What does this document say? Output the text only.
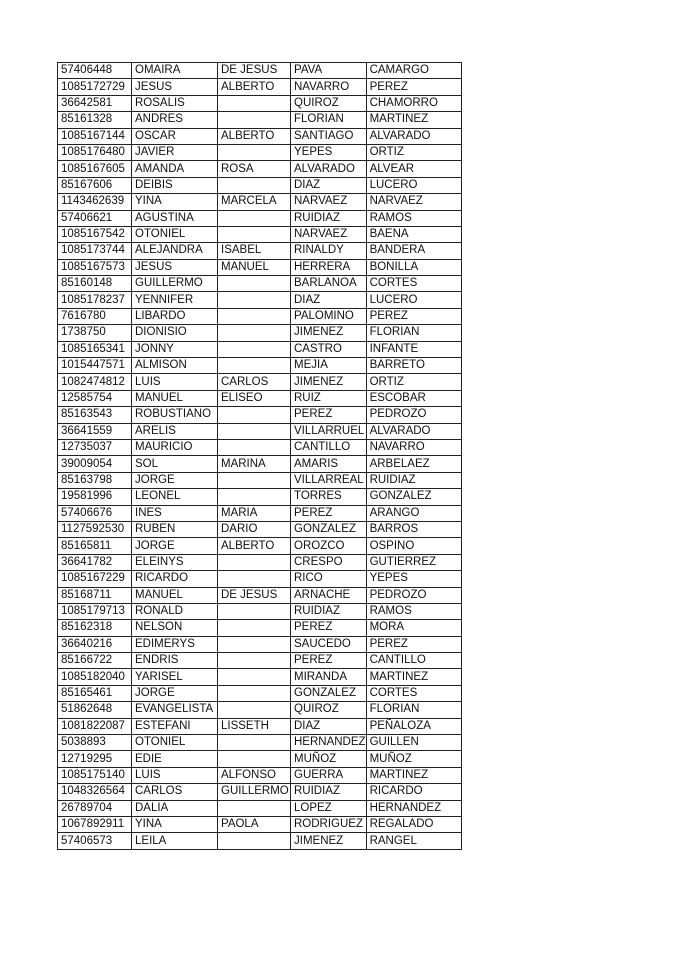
57406448	OMAIRA	DE JESUS	PAVA	CAMARGO
1085172729	JESUS	ALBERTO	NAVARRO	PEREZ
36642581	ROSALIS		QUIROZ	CHAMORRO
85161328	ANDRES		FLORIAN	MARTINEZ
1085167144	OSCAR	ALBERTO	SANTIAGO	ALVARADO
1085176480	JAVIER		YEPES	ORTIZ
1085167605	AMANDA	ROSA	ALVARADO	ALVEAR
85167606	DEIBIS		DIAZ	LUCERO
1143462639	YINA	MARCELA	NARVAEZ	NARVAEZ
57406621	AGUSTINA		RUIDIAZ	RAMOS
1085167542	OTONIEL		NARVAEZ	BAENA
1085173744	ALEJANDRA	ISABEL	RINALDY	BANDERA
1085167573	JESUS	MANUEL	HERRERA	BONILLA
85160148	GUILLERMO		BARLANOA	CORTES
1085178237	YENNIFER		DIAZ	LUCERO
7616780	LIBARDO		PALOMINO	PEREZ
1738750	DIONISIO		JIMENEZ	FLORIAN
1085165341	JONNY		CASTRO	INFANTE
1015447571	ALMISON		MEJIA	BARRETO
1082474812	LUIS	CARLOS	JIMENEZ	ORTIZ
12585754	MANUEL	ELISEO	RUIZ	ESCOBAR
85163543	ROBUSTIANO		PEREZ	PEDROZO
36641559	ARELIS		VILLARRUEL	ALVARADO
12735037	MAURICIO		CANTILLO	NAVARRO
39009054	SOL	MARINA	AMARIS	ARBELAEZ
85163798	JORGE		VILLARREAL	RUIDIAZ
19581996	LEONEL		TORRES	GONZALEZ
57406676	INES	MARIA	PEREZ	ARANGO
1127592530	RUBEN	DARIO	GONZALEZ	BARROS
85165811	JORGE	ALBERTO	OROZCO	OSPINO
36641782	ELEINYS		CRESPO	GUTIERREZ
1085167229	RICARDO		RICO	YEPES
85168711	MANUEL	DE JESUS	ARNACHE	PEDROZO
1085179713	RONALD		RUIDIAZ	RAMOS
85162318	NELSON		PEREZ	MORA
36640216	EDIMERYS		SAUCEDO	PEREZ
85166722	ENDRIS		PEREZ	CANTILLO
1085182040	YARISEL		MIRANDA	MARTINEZ
85165461	JORGE		GONZALEZ	CORTES
51862648	EVANGELISTA		QUIROZ	FLORIAN
1081822087	ESTEFANI	LISSETH	DIAZ	PEÑALOZA
5038893	OTONIEL		HERNANDEZ	GUILLEN
12719295	EDIE		MUÑOZ	MUÑOZ
1085175140	LUIS	ALFONSO	GUERRA	MARTINEZ
1048326564	CARLOS	GUILLERMO	RUIDIAZ	RICARDO
26789704	DALIA		LOPEZ	HERNANDEZ
1067892911	YINA	PAOLA	RODRIGUEZ	REGALADO
57406573	LEILA		JIMENEZ	RANGEL
